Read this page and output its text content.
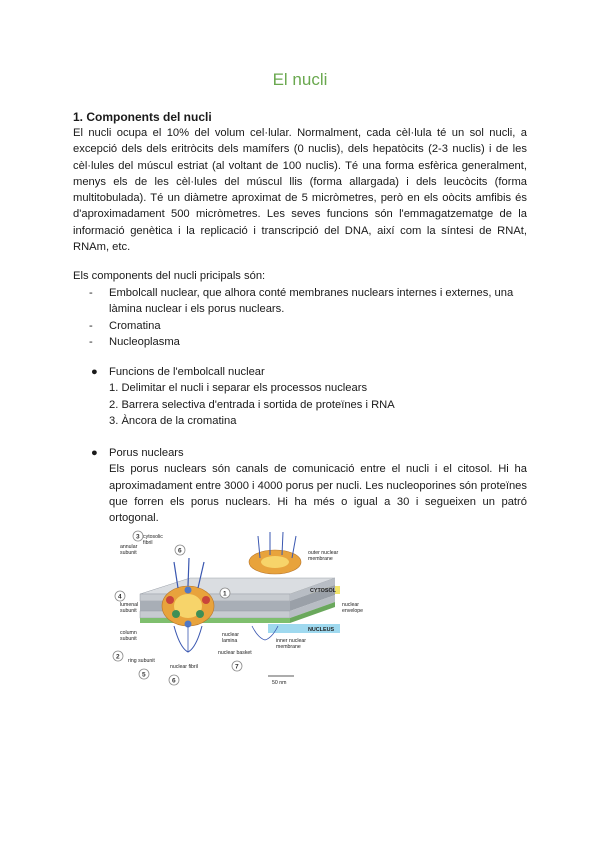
El nucli
1. Components del nucli
El nucli ocupa el 10% del volum cel·lular. Normalment, cada cèl·lula té un sol nucli, a excepció dels dels eritròcits dels mamífers (0 nuclis), dels hepatòcits (2-3 nuclis) i de les cèl·lules del múscul estriat (al voltant de 100 nuclis). Té una forma esfèrica generalment, menys els de les cèl·lules del múscul llis (forma allargada) i dels leucòcits (forma multitobulada). Té un diàmetre aproximat de 5 micròmetres, però en els oòcits amfibis és d'aproximadament 500 micròmetres. Les seves funcions són l'emmagatzematge de la informació genètica i la replicació i transcripció del DNA, així com la síntesi de RNAt, RNAm, etc.
Els components del nucli pricipals són:
- Embolcall nuclear, que alhora conté membranes nuclears internes i externes, una làmina nuclear i els porus nuclears.
- Cromatina
- Nucleoplasma
● Funcions de l'embolcall nuclear
1. Delimitar el nucli i separar els processos nuclears
2. Barrera selectiva d'entrada i sortida de proteïnes i RNA
3. Àncora de la cromatina
● Porus nuclears
Els porus nuclears són canals de comunicació entre el nucli i el citosol. Hi ha aproximadament entre 3000 i 4000 porus per nucli. Les nucleoporines són proteïnes que forren els porus nuclears. Hi ha més o igual a 30 i segueixen un patró ortogonal.
annular
subunit
cytosolic
fibril
outer nuclear
membrane
CYTOSOL
lumenal
subunit
nuclear
envelope
NUCLEUS
column
subunit
nuclear
lamina	inner nuclear
membrane
nuclear basket
ring subunit
nuclear fibril
50 nm
3
6
4	1
2
7
5
6
